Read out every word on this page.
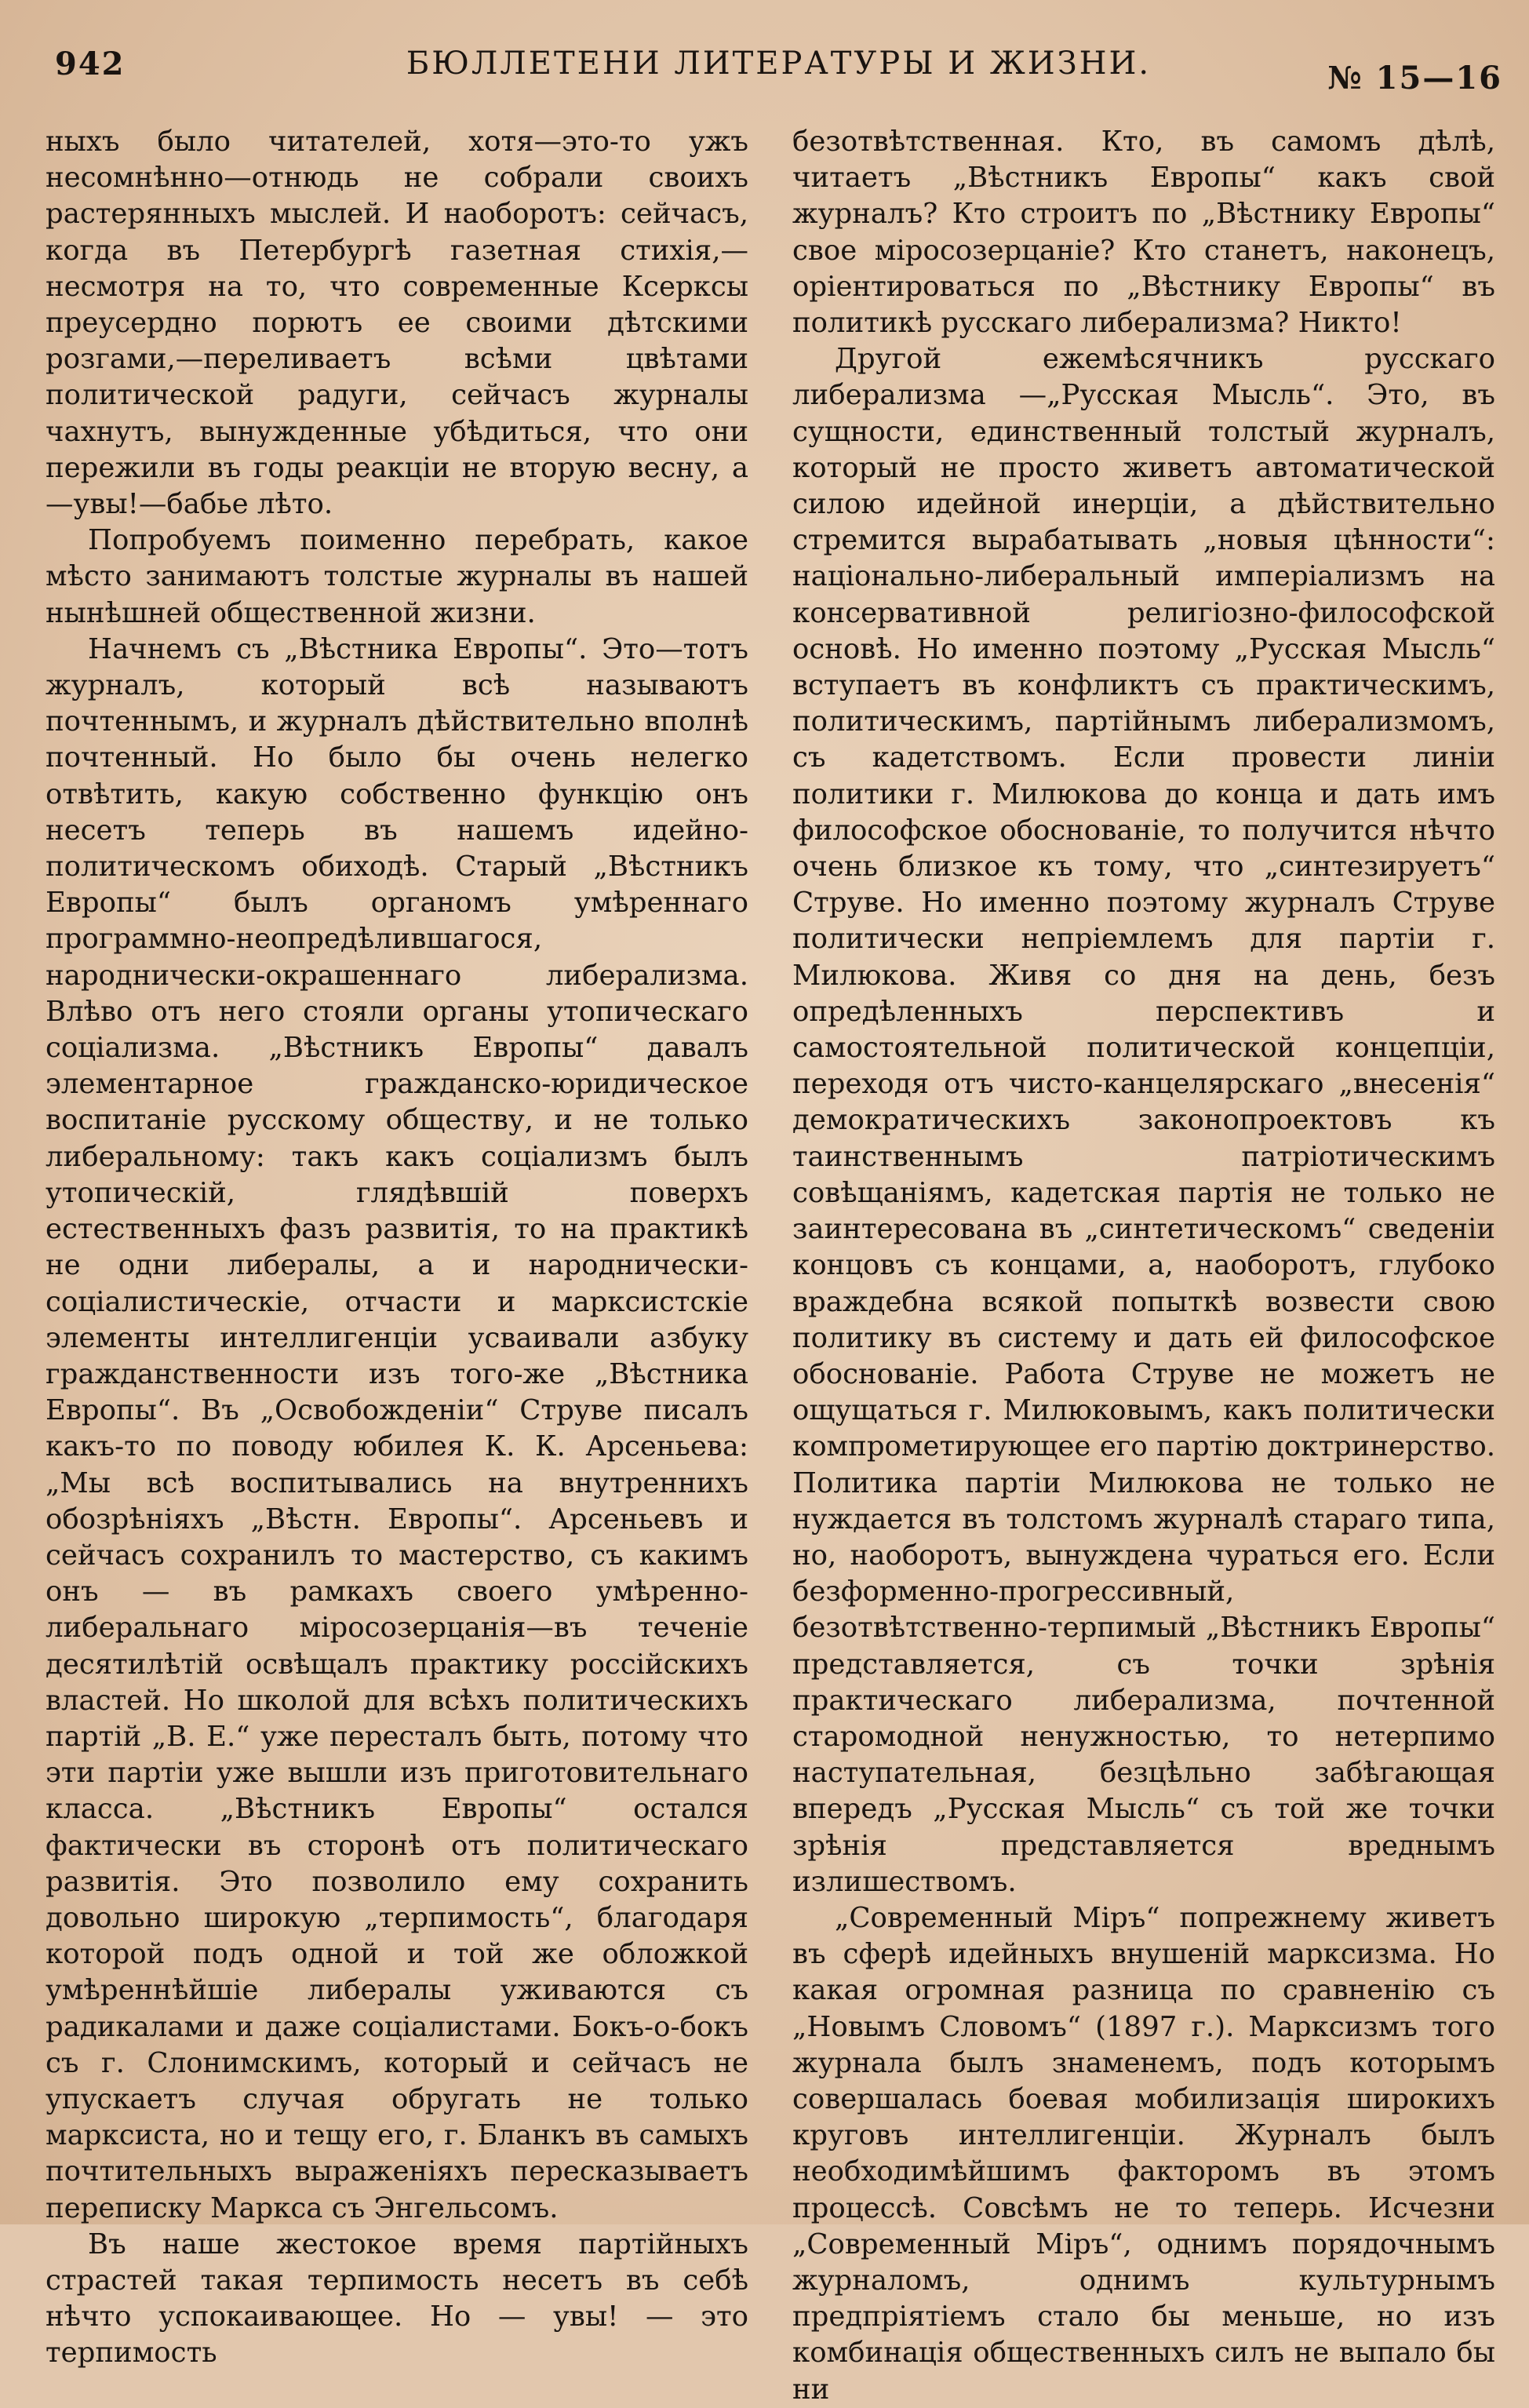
942	БЮЛЛЕТЕНИ ЛИТЕРАТУРЫ И ЖИЗНИ.	№ 15—16

ныхъ было читателей, хотя—это-то ужъ несомнѣнно—отнюдь не собрали своихъ растерянныхъ мыслей. И наоборотъ: сейчасъ, когда въ Петербургѣ газетная стихія,—несмотря на то, что современные Ксерксы преусердно порютъ ее своими дѣтскими розгами,—переливаетъ всѣми цвѣтами политической радуги, сейчасъ журналы чахнутъ, вынужденные убѣдиться, что они пережили въ годы реакціи не вторую весну, а—увы!—бабье лѣто.

Попробуемъ поименно перебрать, какое мѣсто занимаютъ толстые журналы въ нашей нынѣшней общественной жизни.

Начнемъ съ „Вѣстника Европы“. Это—тотъ журналъ, который всѣ называютъ почтеннымъ, и журналъ дѣйствительно вполнѣ почтенный. Но было бы очень нелегко отвѣтить, какую собственно функцію онъ несетъ теперь въ нашемъ идейно-политическомъ обиходѣ. Старый „Вѣстникъ Европы“ былъ органомъ умѣреннаго программно-неопредѣлившагося, народнически-окрашеннаго либерализма. Влѣво отъ него стояли органы утопическаго соціализма. „Вѣстникъ Европы“ давалъ элементарное гражданско-юридическое воспитаніе русскому обществу, и не только либеральному: такъ какъ соціализмъ былъ утопическій, глядѣвшій поверхъ естественныхъ фазъ развитія, то на практикѣ не одни либералы, а и народнически-соціалистическіе, отчасти и марксистскіе элементы интеллигенціи усваивали азбуку гражданственности изъ того-же „Вѣстника Европы“. Въ „Освобожденіи“ Струве писалъ какъ-то по поводу юбилея К. К. Арсеньева: „Мы всѣ воспитывались на внутреннихъ обозрѣніяхъ „Вѣстн. Европы“. Арсеньевъ и сейчасъ сохранилъ то мастерство, съ какимъ онъ — въ рамкахъ своего умѣренно-либеральнаго міросозерцанія—въ теченіе десятилѣтій освѣщалъ практику россійскихъ властей. Но школой для всѣхъ политическихъ партій „В. Е.“ уже пересталъ быть, потому что эти партіи уже вышли изъ приготовительнаго класса. „Вѣстникъ Европы“ остался фактически въ сторонѣ отъ политическаго развитія. Это позволило ему сохранить довольно широкую „терпимость“, благодаря которой подъ одной и той же обложкой умѣреннѣйшіе либералы уживаются съ радикалами и даже соціалистами. Бокъ-о-бокъ съ г. Слонимскимъ, который и сейчасъ не упускаетъ случая обругать не только марксиста, но и тещу его, г. Бланкъ въ самыхъ почтительныхъ выраженіяхъ пересказываетъ переписку Маркса съ Энгельсомъ.

Въ наше жестокое время партійныхъ страстей такая терпимость несетъ въ себѣ нѣчто успокаивающее. Но — увы! — это терпимость

безотвѣтственная. Кто, въ самомъ дѣлѣ, читаетъ „Вѣстникъ Европы“ какъ свой журналъ? Кто строитъ по „Вѣстнику Европы“ свое міросозерцаніе? Кто станетъ, наконецъ, оріентироваться по „Вѣстнику Европы“ въ политикѣ русскаго либерализма? Никто!

Другой ежемѣсячникъ русскаго либерализма —„Русская Мысль“. Это, въ сущности, единственный толстый журналъ, который не просто живетъ автоматической силою идейной инерціи, а дѣйствительно стремится вырабатывать „новыя цѣнности“: національно-либеральный имперіализмъ на консервативной религіозно-философской основѣ. Но именно поэтому „Русская Мысль“ вступаетъ въ конфликтъ съ практическимъ, политическимъ, партійнымъ либерализмомъ, съ кадетствомъ. Если провести линіи политики г. Милюкова до конца и дать имъ философское обоснованіе, то получится нѣчто очень близкое къ тому, что „синтезируетъ“ Струве. Но именно поэтому журналъ Струве политически непріемлемъ для партіи г. Милюкова. Живя со дня на день, безъ опредѣленныхъ перспективъ и самостоятельной политической концепціи, переходя отъ чисто-канцелярскаго „внесенія“ демократическихъ законопроектовъ къ таинственнымъ патріотическимъ совѣщаніямъ, кадетская партія не только не заинтересована въ „синтетическомъ“ сведеніи концовъ съ концами, а, наоборотъ, глубоко враждебна всякой попыткѣ возвести свою политику въ систему и дать ей философское обоснованіе. Работа Струве не можетъ не ощущаться г. Милюковымъ, какъ политически компрометирующее его партію доктринерство. Политика партіи Милюкова не только не нуждается въ толстомъ журналѣ стараго типа, но, наоборотъ, вынуждена чураться его. Если безформенно-прогрессивный, безотвѣтственно-терпимый „Вѣстникъ Европы“ представляется, съ точки зрѣнія практическаго либерализма, почтенной старомодной ненужностью, то нетерпимо наступательная, безцѣльно забѣгающая впередъ „Русская Мысль“ съ той же точки зрѣнія представляется вреднымъ излишествомъ.

„Современный Міръ“ попрежнему живетъ въ сферѣ идейныхъ внушеній марксизма. Но какая огромная разница по сравненію съ „Новымъ Словомъ“ (1897 г.). Марксизмъ того журнала былъ знаменемъ, подъ которымъ совершалась боевая мобилизація широкихъ круговъ интеллигенціи. Журналъ былъ необходимѣйшимъ факторомъ въ этомъ процессѣ. Совсѣмъ не то теперь. Исчезни „Современный Міръ“, однимъ порядочнымъ журналомъ, однимъ культурнымъ предпріятіемъ стало бы меньше, но изъ комбинація общественныхъ силъ не выпало бы ни
